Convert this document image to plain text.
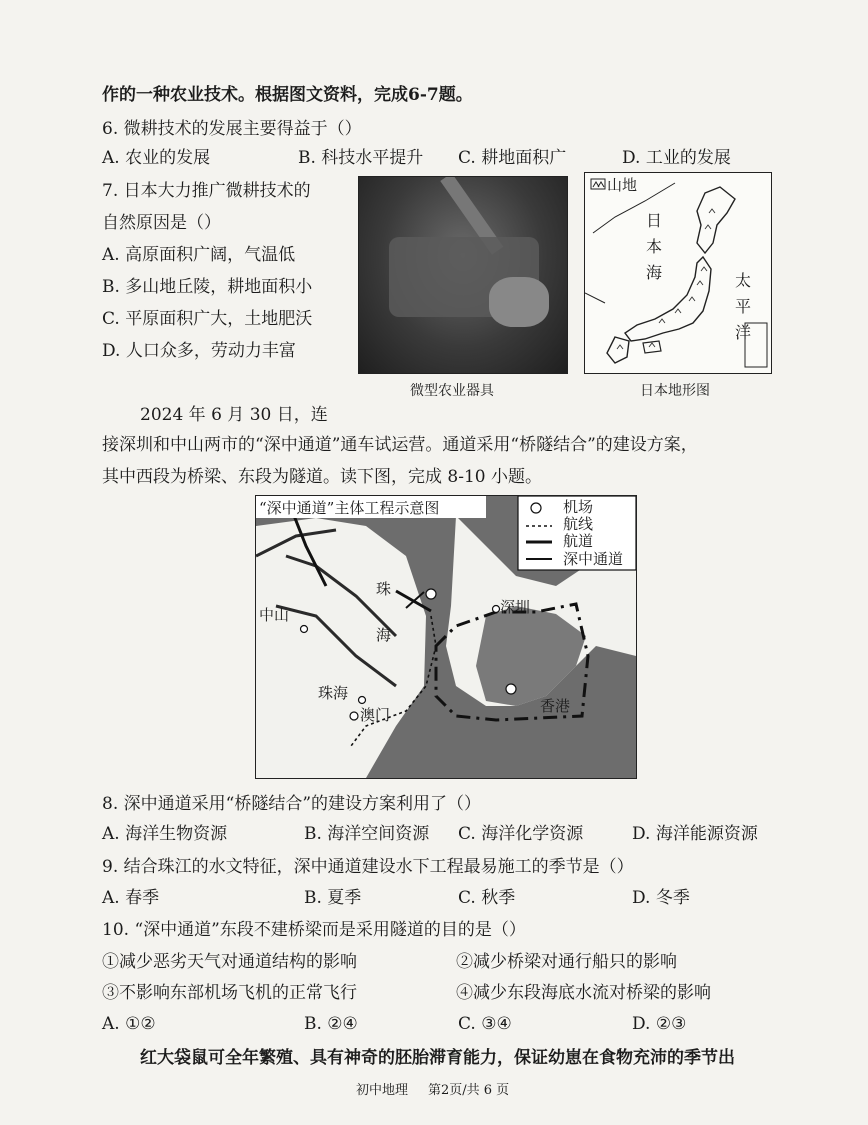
作的一种农业技术。根据图文资料，完成6-7题。
6. 微耕技术的发展主要得益于（）
A. 农业的发展	B. 科技水平提升 C. 耕地面积广	D. 工业的发展
7. 日本大力推广微耕技术的
自然原因是（）
A. 高原面积广阔，气温低
B. 多山地丘陵，耕地面积小
C. 平原面积广大，土地肥沃
D. 人口众多，劳动力丰富
微型农业器具
山地
日
本
海	太
平
洋
日本地形图
2024 年 6 月 30 日，连
接深圳和中山两市的“深中通道”通车试运营。通道采用“桥隧结合”的建设方案，
其中西段为桥梁、东段为隧道。读下图，完成 8-10 小题。
“深中通道”主体工程示意图	机场
航线
航道
深中通道
珠
海
中山	深圳
珠海
澳门	香港
8. 深中通道采用“桥隧结合”的建设方案利用了（）
A. 海洋生物资源	B. 海洋空间资源 C. 海洋化学资源	D. 海洋能源资源
9. 结合珠江的水文特征，深中通道建设水下工程最易施工的季节是（）
A. 春季	B. 夏季	C. 秋季	D. 冬季
10. “深中通道”东段不建桥梁而是采用隧道的目的是（）
①减少恶劣天气对通道结构的影响	②减少桥梁对通行船只的影响
③不影响东部机场飞机的正常飞行	④减少东段海底水流对桥梁的影响
A. ①②	B. ②④	C. ③④	D. ②③
红大袋鼠可全年繁殖、具有神奇的胚胎滞育能力，保证幼崽在食物充沛的季节出
初中地理 第2页/共 6 页
